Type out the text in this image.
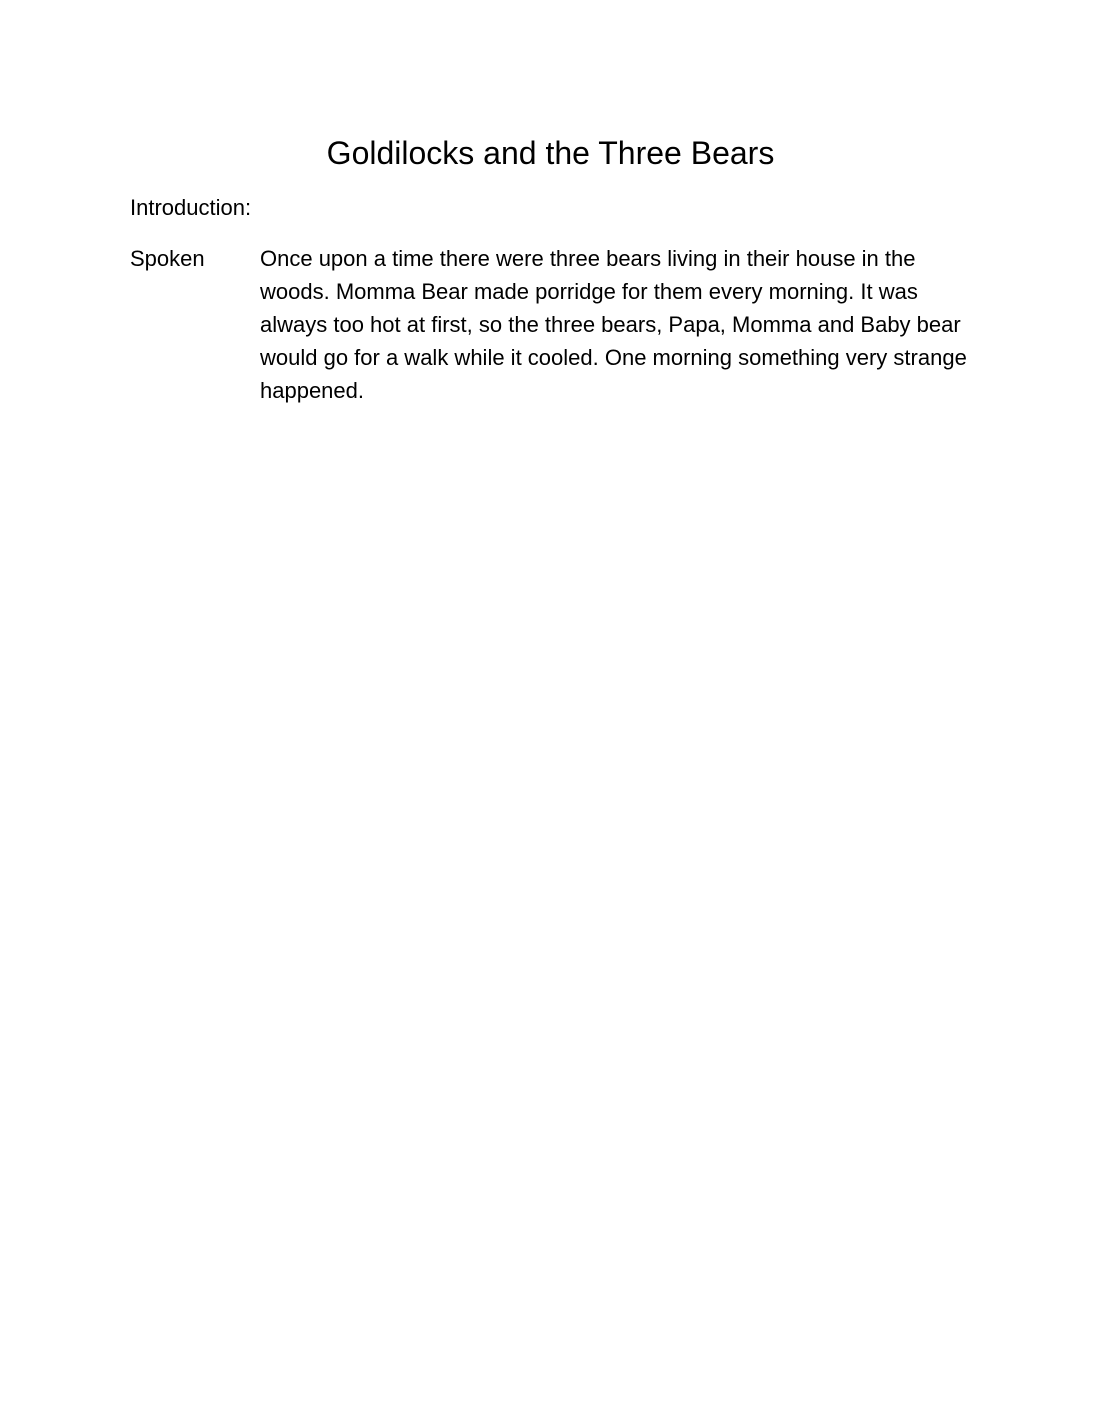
Goldilocks and the Three Bears
Introduction:
Spoken	Once upon a time there were three bears living in their house in the woods. Momma Bear made porridge for them every morning. It was always too hot at first, so the three bears, Papa, Momma and Baby bear would go for a walk while it cooled. One morning something very strange happened.
